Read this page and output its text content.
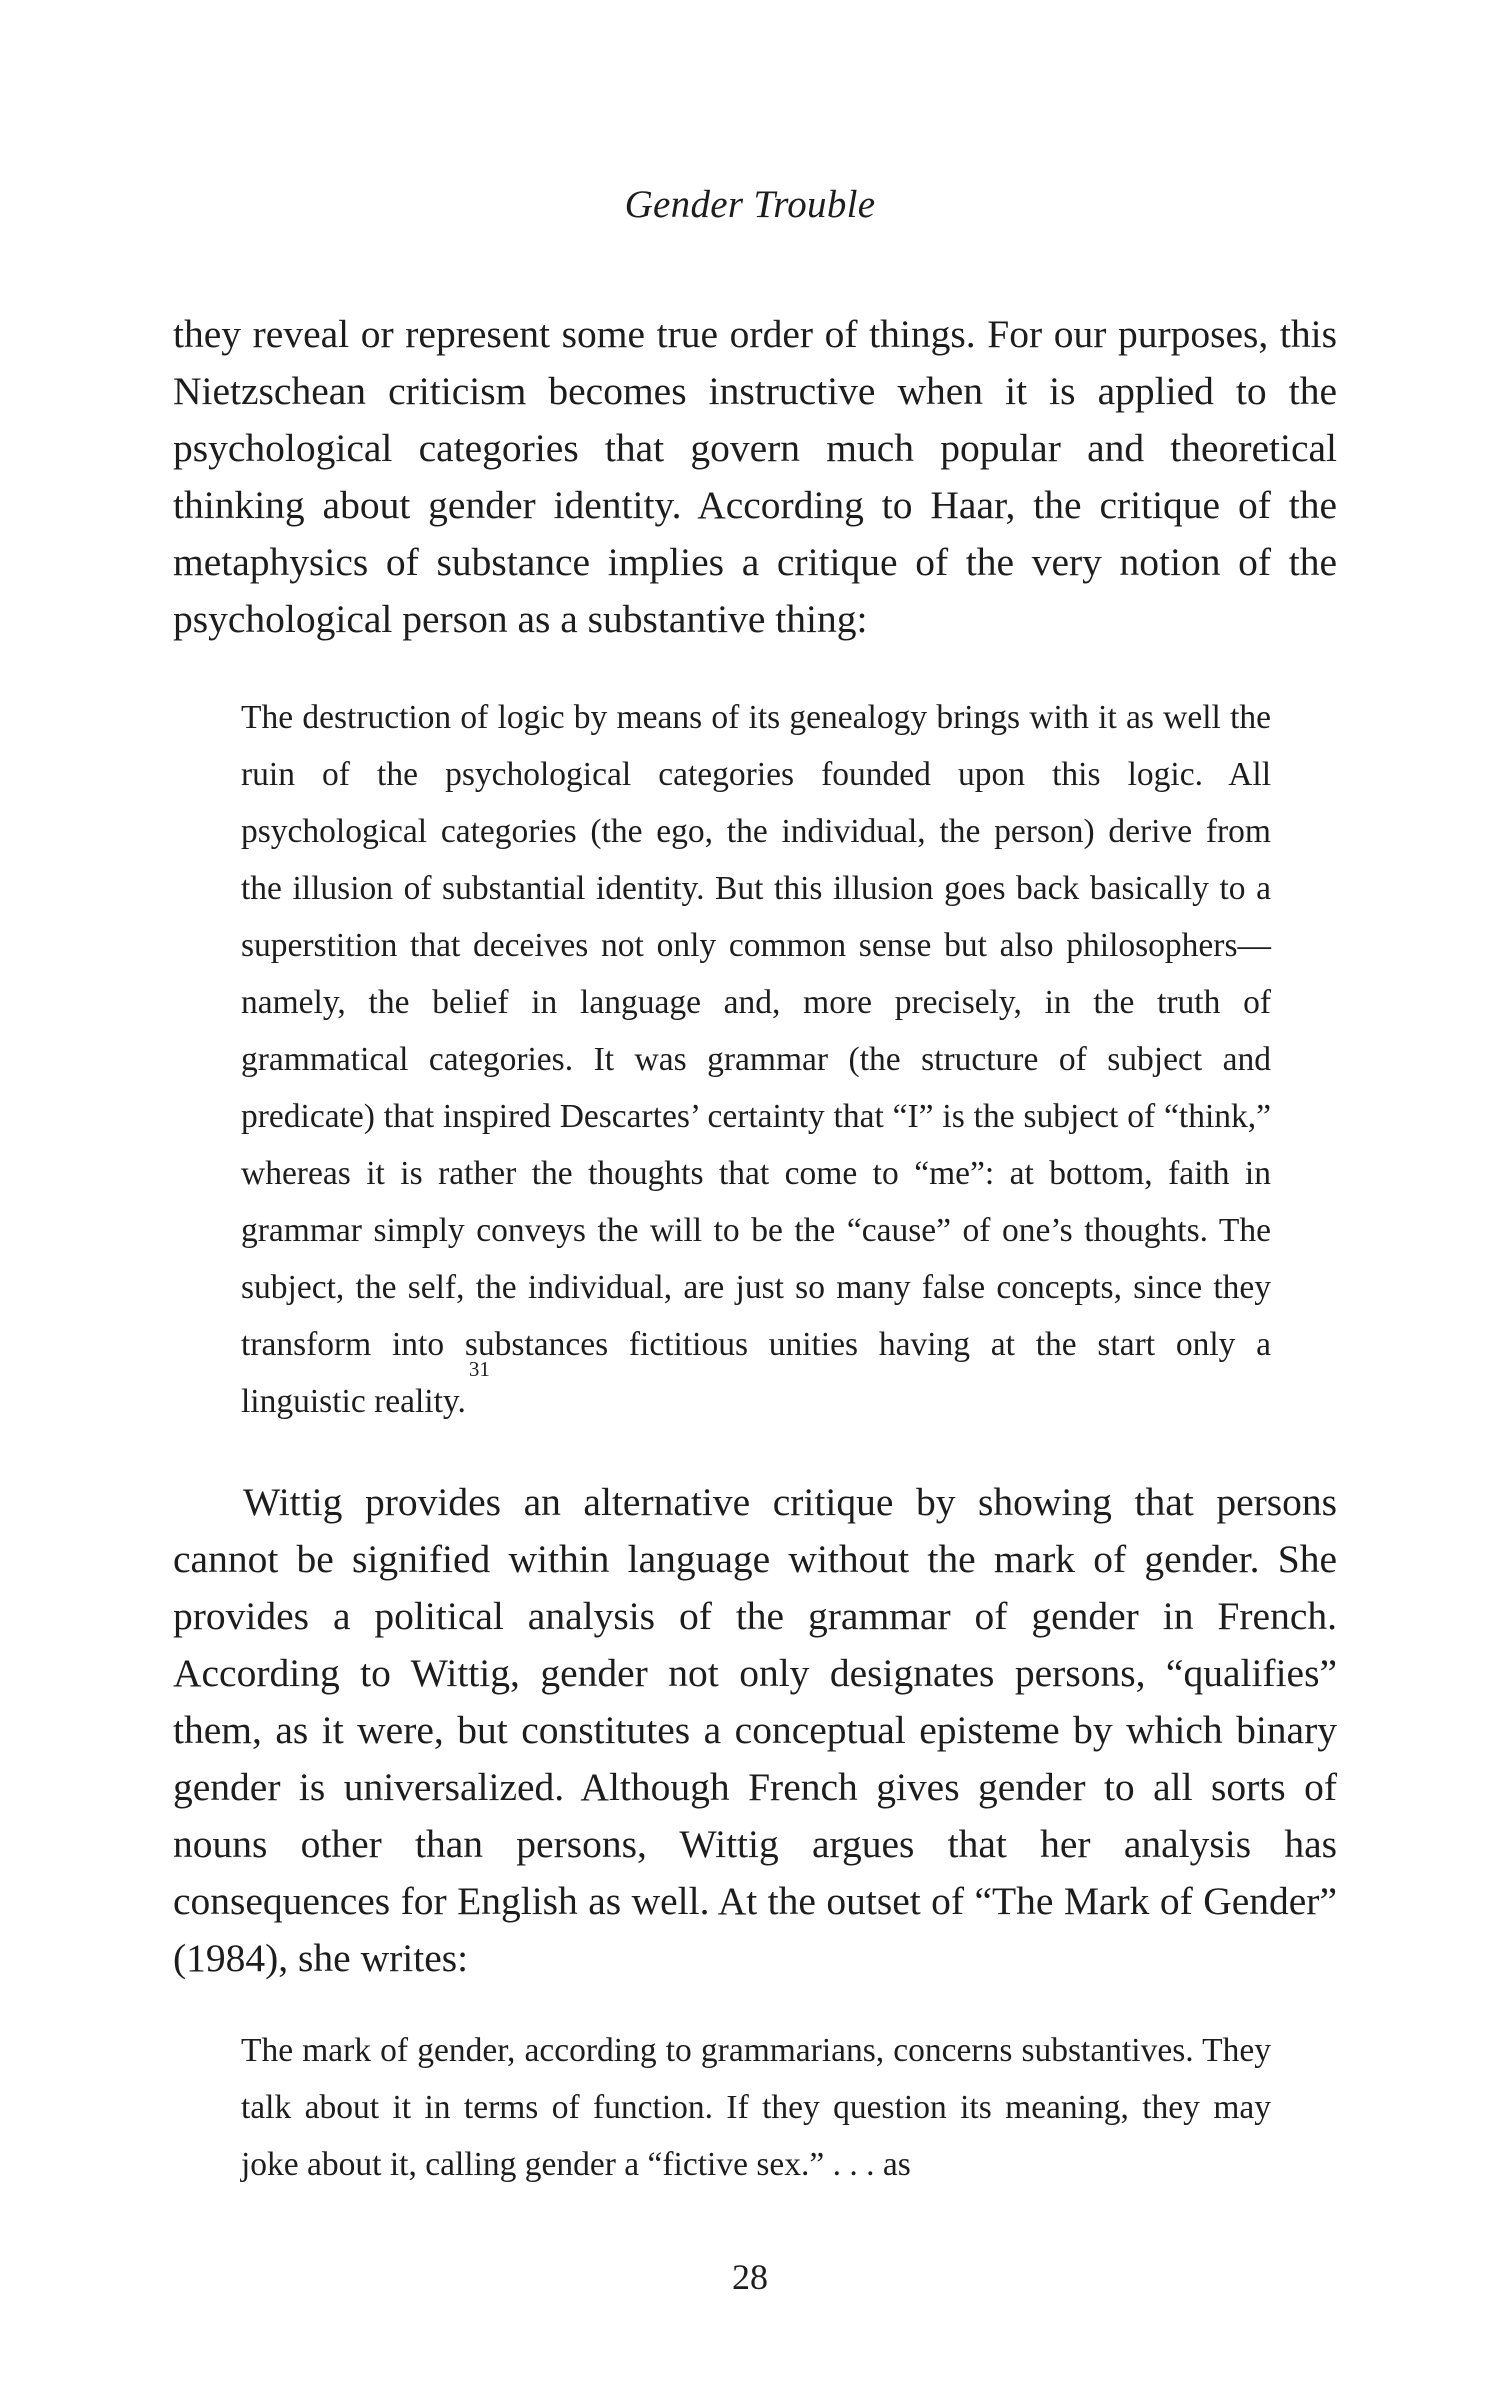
Gender Trouble

they reveal or represent some true order of things. For our purposes, this Nietzschean criticism becomes instructive when it is applied to the psychological categories that govern much popular and theoretical thinking about gender identity. According to Haar, the critique of the metaphysics of substance implies a critique of the very notion of the psychological person as a substantive thing:

The destruction of logic by means of its genealogy brings with it as well the ruin of the psychological categories founded upon this logic. All psychological categories (the ego, the individual, the person) derive from the illusion of substantial identity. But this illusion goes back basically to a superstition that deceives not only common sense but also philosophers—namely, the belief in language and, more precisely, in the truth of grammatical categories. It was grammar (the structure of subject and predicate) that inspired Descartes’ certainty that “I” is the subject of “think,” whereas it is rather the thoughts that come to “me”: at bottom, faith in grammar simply conveys the will to be the “cause” of one’s thoughts. The subject, the self, the individual, are just so many false concepts, since they transform into substances fictitious unities having at the start only a linguistic reality.$^{31}$

Wittig provides an alternative critique by showing that persons cannot be signified within language without the mark of gender. She provides a political analysis of the grammar of gender in French. According to Wittig, gender not only designates persons, “qualifies” them, as it were, but constitutes a conceptual episteme by which binary gender is universalized. Although French gives gender to all sorts of nouns other than persons, Wittig argues that her analysis has consequences for English as well. At the outset of “The Mark of Gender” (1984), she writes:

The mark of gender, according to grammarians, concerns substantives. They talk about it in terms of function. If they question its meaning, they may joke about it, calling gender a “fictive sex.” . . . as

28
